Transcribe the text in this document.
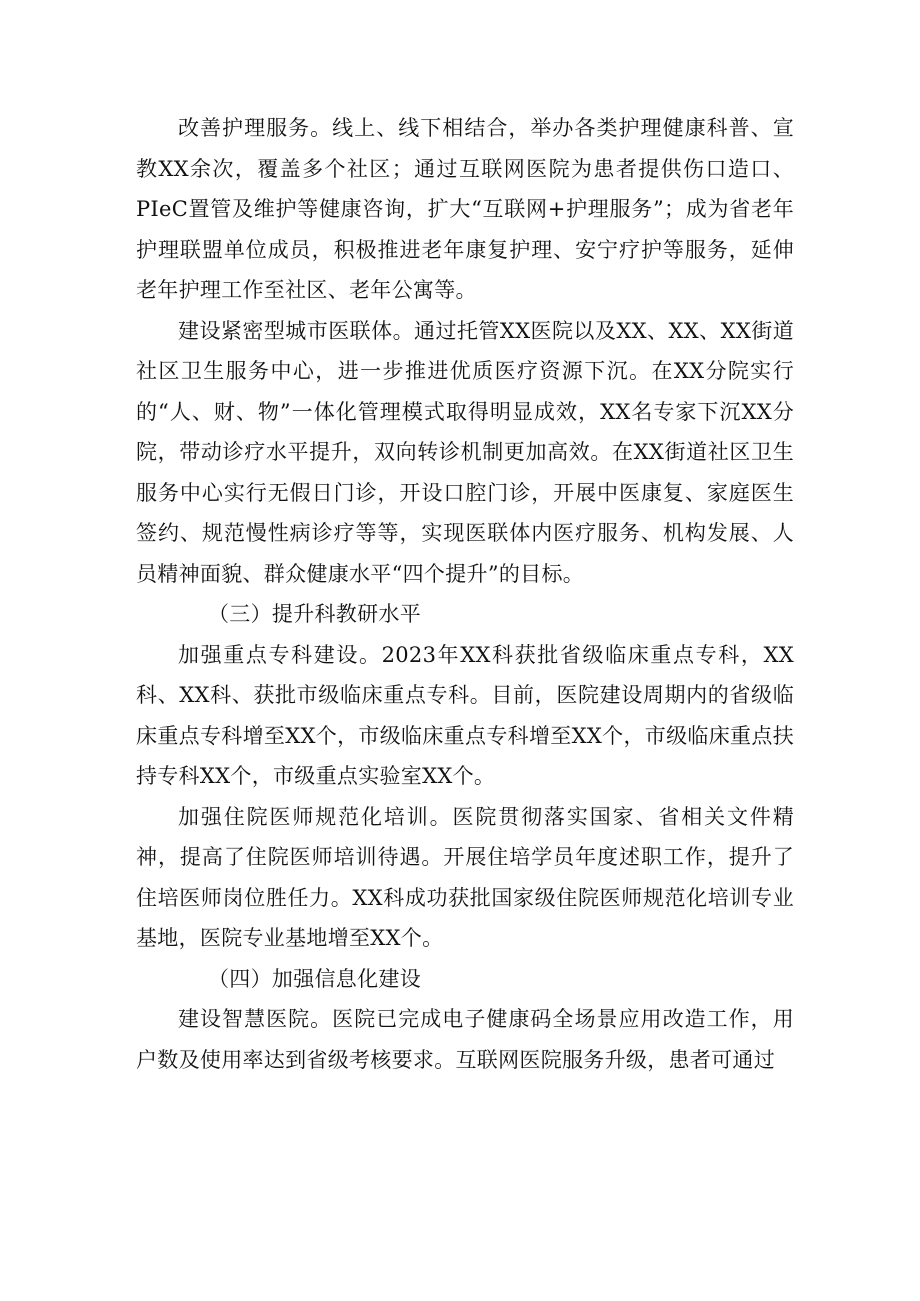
改善护理服务。线上、线下相结合，举办各类护理健康科普、宣教XX余次，覆盖多个社区；通过互联网医院为患者提供伤口造口、PIeC置管及维护等健康咨询，扩大“互联网+护理服务”；成为省老年护理联盟单位成员，积极推进老年康复护理、安宁疗护等服务，延伸老年护理工作至社区、老年公寓等。

建设紧密型城市医联体。通过托管XX医院以及XX、XX、XX街道社区卫生服务中心，进一步推进优质医疗资源下沉。在XX分院实行的“人、财、物”一体化管理模式取得明显成效，XX名专家下沉XX分院，带动诊疗水平提升，双向转诊机制更加高效。在XX街道社区卫生服务中心实行无假日门诊，开设口腔门诊，开展中医康复、家庭医生签约、规范慢性病诊疗等等，实现医联体内医疗服务、机构发展、人员精神面貌、群众健康水平“四个提升”的目标。

（三）提升科教研水平

加强重点专科建设。2023年XX科获批省级临床重点专科，XX科、XX科、获批市级临床重点专科。目前，医院建设周期内的省级临床重点专科增至XX个，市级临床重点专科增至XX个，市级临床重点扶持专科XX个，市级重点实验室XX个。

加强住院医师规范化培训。医院贯彻落实国家、省相关文件精神，提高了住院医师培训待遇。开展住培学员年度述职工作，提升了住培医师岗位胜任力。XX科成功获批国家级住院医师规范化培训专业基地，医院专业基地增至XX个。

（四）加强信息化建设

建设智慧医院。医院已完成电子健康码全场景应用改造工作，用户数及使用率达到省级考核要求。互联网医院服务升级，患者可通过
